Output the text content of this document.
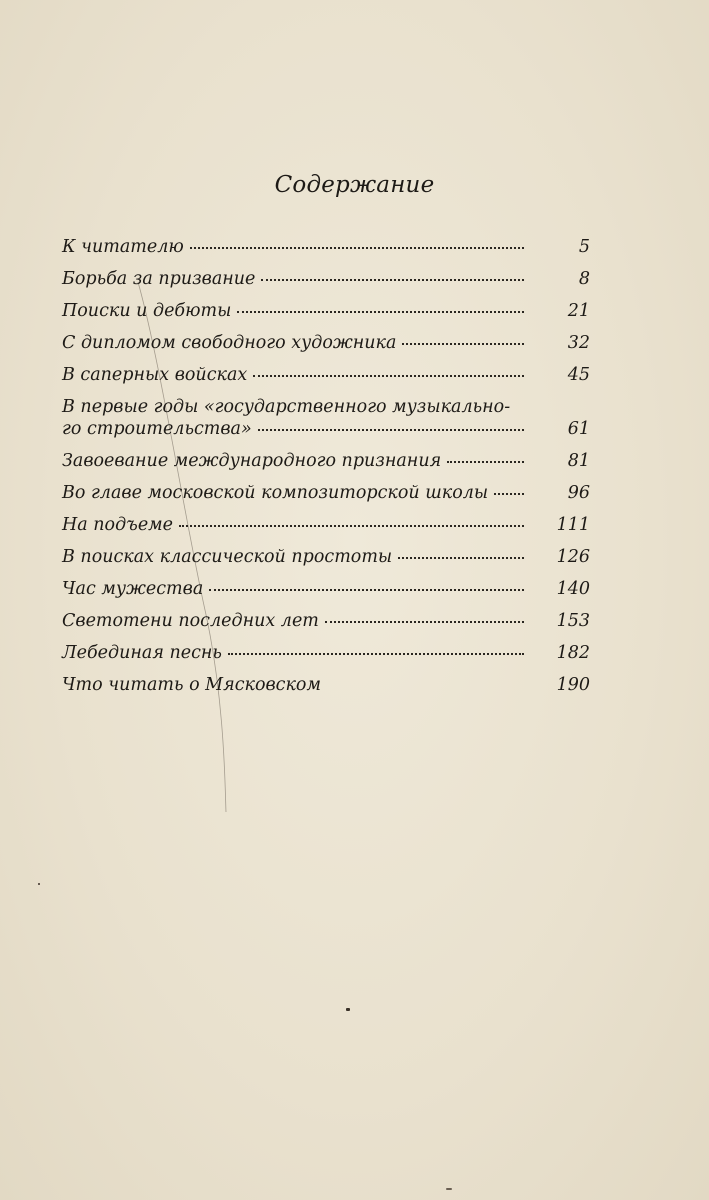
Содержание
К читателю	5
Борьба за призвание	8
Поиски и дебюты	21
С дипломом свободного художника	32
В саперных войсках	45
В первые годы «государственного музыкально-
го строительства»	61
Завоевание международного признания	81
Во главе московской композиторской школы	96
На подъеме	111
В поисках классической простоты	126
Час мужества	140
Светотени последних лет	153
Лебединая песнь	182
Что читать о Мясковском	190
